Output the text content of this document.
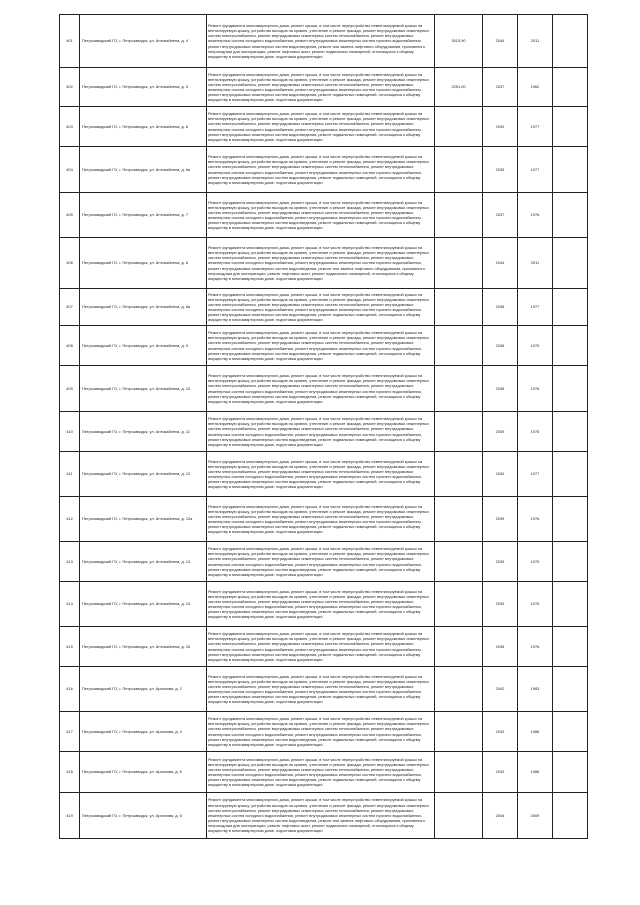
401	Петрозаводский ГО, г. Петрозаводск, ул. Антикайнена, д. 4	Ремонт фундамента многоквартирного дома, ремонт крыши, в том числе переустройство невентилируемой крыши на вентилируемую крышу, устройство выходов на кровлю, утепление и ремонт фасада, ремонт внутридомовых инженерных систем электроснабжения, ремонт внутридомовых инженерных систем теплоснабжения, ремонт внутридомовых инженерных систем холодного водоснабжения, ремонт внутридомовых инженерных систем горячего водоснабжения, ремонт внутридомовых инженерных систем водоотведения, ремонт или замена лифтового оборудования, признанного непригодным для эксплуатации, ремонт лифтовых шахт, ремонт подвальных помещений, относящихся к общему имуществу в многоквартирном доме, подготовка документации	3015,90	2044	2011	
402	Петрозаводский ГО, г. Петрозаводск, ул. Антикайнена, д. 5	Ремонт фундамента многоквартирного дома, ремонт крыши, в том числе переустройство невентилируемой крыши на вентилируемую крышу, устройство выходов на кровлю, утепление и ремонт фасада, ремонт внутридомовых инженерных систем электроснабжения, ремонт внутридомовых инженерных систем теплоснабжения, ремонт внутридомовых инженерных систем холодного водоснабжения, ремонт внутридомовых инженерных систем горячего водоснабжения, ремонт внутридомовых инженерных систем водоотведения, ремонт подвальных помещений, относящихся к общему имуществу в многоквартирном доме, подготовка документации	2251,00	2037	1962	
403	Петрозаводский ГО, г. Петрозаводск, ул. Антикайнена, д. 6	Ремонт фундамента многоквартирного дома, ремонт крыши, в том числе переустройство невентилируемой крыши на вентилируемую крышу, устройство выходов на кровлю, утепление и ремонт фасада, ремонт внутридомовых инженерных систем электроснабжения, ремонт внутридомовых инженерных систем теплоснабжения, ремонт внутридомовых инженерных систем холодного водоснабжения, ремонт внутридомовых инженерных систем горячего водоснабжения, ремонт внутридомовых инженерных систем водоотведения, ремонт подвальных помещений, относящихся к общему имуществу в многоквартирном доме, подготовка документации		2040	1977	
404	Петрозаводский ГО, г. Петрозаводск, ул. Антикайнена, д. 6а	Ремонт фундамента многоквартирного дома, ремонт крыши, в том числе переустройство невентилируемой крыши на вентилируемую крышу, устройство выходов на кровлю, утепление и ремонт фасада, ремонт внутридомовых инженерных систем электроснабжения, ремонт внутридомовых инженерных систем теплоснабжения, ремонт внутридомовых инженерных систем холодного водоснабжения, ремонт внутридомовых инженерных систем горячего водоснабжения, ремонт внутридомовых инженерных систем водоотведения, ремонт подвальных помещений, относящихся к общему имуществу в многоквартирном доме, подготовка документации		2035	1977	
405	Петрозаводский ГО, г. Петрозаводск, ул. Антикайнена, д. 7	Ремонт фундамента многоквартирного дома, ремонт крыши, в том числе переустройство невентилируемой крыши на вентилируемую крышу, устройство выходов на кровлю, утепление и ремонт фасада, ремонт внутридомовых инженерных систем электроснабжения, ремонт внутридомовых инженерных систем теплоснабжения, ремонт внутридомовых инженерных систем холодного водоснабжения, ремонт внутридомовых инженерных систем горячего водоснабжения, ремонт внутридомовых инженерных систем водоотведения, ремонт подвальных помещений, относящихся к общему имуществу в многоквартирном доме, подготовка документации		2037	1976	
406	Петрозаводский ГО, г. Петрозаводск, ул. Антикайнена, д. 8	Ремонт фундамента многоквартирного дома, ремонт крыши, в том числе переустройство невентилируемой крыши на вентилируемую крышу, устройство выходов на кровлю, утепление и ремонт фасада, ремонт внутридомовых инженерных систем электроснабжения, ремонт внутридомовых инженерных систем теплоснабжения, ремонт внутридомовых инженерных систем холодного водоснабжения, ремонт внутридомовых инженерных систем горячего водоснабжения, ремонт внутридомовых инженерных систем водоотведения, ремонт или замена лифтового оборудования, признанного непригодным для эксплуатации, ремонт лифтовых шахт, ремонт подвальных помещений, относящихся к общему имуществу в многоквартирном доме, подготовка документации		2044	2011	
407	Петрозаводский ГО, г. Петрозаводск, ул. Антикайнена, д. 8а	Ремонт фундамента многоквартирного дома, ремонт крыши, в том числе переустройство невентилируемой крыши на вентилируемую крышу, устройство выходов на кровлю, утепление и ремонт фасада, ремонт внутридомовых инженерных систем электроснабжения, ремонт внутридомовых инженерных систем теплоснабжения, ремонт внутридомовых инженерных систем холодного водоснабжения, ремонт внутридомовых инженерных систем горячего водоснабжения, ремонт внутридомовых инженерных систем водоотведения, ремонт подвальных помещений, относящихся к общему имуществу в многоквартирном доме, подготовка документации		2038	1977	
408	Петрозаводский ГО, г. Петрозаводск, ул. Антикайнена, д. 9	Ремонт фундамента многоквартирного дома, ремонт крыши, в том числе переустройство невентилируемой крыши на вентилируемую крышу, устройство выходов на кровлю, утепление и ремонт фасада, ремонт внутридомовых инженерных систем электроснабжения, ремонт внутридомовых инженерных систем теплоснабжения, ремонт внутридомовых инженерных систем холодного водоснабжения, ремонт внутридомовых инженерных систем горячего водоснабжения, ремонт внутридомовых инженерных систем водоотведения, ремонт подвальных помещений, относящихся к общему имуществу в многоквартирном доме, подготовка документации		2036	1975	
409	Петрозаводский ГО, г. Петрозаводск, ул. Антикайнена, д. 10	Ремонт фундамента многоквартирного дома, ремонт крыши, в том числе переустройство невентилируемой крыши на вентилируемую крышу, устройство выходов на кровлю, утепление и ремонт фасада, ремонт внутридомовых инженерных систем электроснабжения, ремонт внутридомовых инженерных систем теплоснабжения, ремонт внутридомовых инженерных систем холодного водоснабжения, ремонт внутридомовых инженерных систем горячего водоснабжения, ремонт внутридомовых инженерных систем водоотведения, ремонт подвальных помещений, относящихся к общему имуществу в многоквартирном доме, подготовка документации		2038	1976	
410	Петрозаводский ГО, г. Петрозаводск, ул. Антикайнена, д. 11	Ремонт фундамента многоквартирного дома, ремонт крыши, в том числе переустройство невентилируемой крыши на вентилируемую крышу, устройство выходов на кровлю, утепление и ремонт фасада, ремонт внутридомовых инженерных систем электроснабжения, ремонт внутридомовых инженерных систем теплоснабжения, ремонт внутридомовых инженерных систем холодного водоснабжения, ремонт внутридомовых инженерных систем горячего водоснабжения, ремонт внутридомовых инженерных систем водоотведения, ремонт подвальных помещений, относящихся к общему имуществу в многоквартирном доме, подготовка документации		2039	1975	
411	Петрозаводский ГО, г. Петрозаводск, ул. Антикайнена, д. 12	Ремонт фундамента многоквартирного дома, ремонт крыши, в том числе переустройство невентилируемой крыши на вентилируемую крышу, устройство выходов на кровлю, утепление и ремонт фасада, ремонт внутридомовых инженерных систем электроснабжения, ремонт внутридомовых инженерных систем теплоснабжения, ремонт внутридомовых инженерных систем холодного водоснабжения, ремонт внутридомовых инженерных систем горячего водоснабжения, ремонт внутридомовых инженерных систем водоотведения, ремонт подвальных помещений, относящихся к общему имуществу в многоквартирном доме, подготовка документации		2040	1977	
412	Петрозаводский ГО, г. Петрозаводск, ул. Антикайнена, д. 12а	Ремонт фундамента многоквартирного дома, ремонт крыши, в том числе переустройство невентилируемой крыши на вентилируемую крышу, устройство выходов на кровлю, утепление и ремонт фасада, ремонт внутридомовых инженерных систем электроснабжения, ремонт внутридомовых инженерных систем теплоснабжения, ремонт внутридомовых инженерных систем холодного водоснабжения, ремонт внутридомовых инженерных систем горячего водоснабжения, ремонт внутридомовых инженерных систем водоотведения, ремонт подвальных помещений, относящихся к общему имуществу в многоквартирном доме, подготовка документации		2039	1976	
413	Петрозаводский ГО, г. Петрозаводск, ул. Антикайнена, д. 13	Ремонт фундамента многоквартирного дома, ремонт крыши, в том числе переустройство невентилируемой крыши на вентилируемую крышу, устройство выходов на кровлю, утепление и ремонт фасада, ремонт внутридомовых инженерных систем электроснабжения, ремонт внутридомовых инженерных систем теплоснабжения, ремонт внутридомовых инженерных систем холодного водоснабжения, ремонт внутридомовых инженерных систем горячего водоснабжения, ремонт внутридомовых инженерных систем водоотведения, ремонт подвальных помещений, относящихся к общему имуществу в многоквартирном доме, подготовка документации		2039	1975	
414	Петрозаводский ГО, г. Петрозаводск, ул. Антикайнена, д. 14	Ремонт фундамента многоквартирного дома, ремонт крыши, в том числе переустройство невентилируемой крыши на вентилируемую крышу, устройство выходов на кровлю, утепление и ремонт фасада, ремонт внутридомовых инженерных систем электроснабжения, ремонт внутридомовых инженерных систем теплоснабжения, ремонт внутридомовых инженерных систем холодного водоснабжения, ремонт внутридомовых инженерных систем горячего водоснабжения, ремонт внутридомовых инженерных систем водоотведения, ремонт подвальных помещений, относящихся к общему имуществу в многоквартирном доме, подготовка документации		2039	1976	
415	Петрозаводский ГО, г. Петрозаводск, ул. Антикайнена, д. 15	Ремонт фундамента многоквартирного дома, ремонт крыши, в том числе переустройство невентилируемой крыши на вентилируемую крышу, устройство выходов на кровлю, утепление и ремонт фасада, ремонт внутридомовых инженерных систем электроснабжения, ремонт внутридомовых инженерных систем теплоснабжения, ремонт внутридомовых инженерных систем холодного водоснабжения, ремонт внутридомовых инженерных систем горячего водоснабжения, ремонт внутридомовых инженерных систем водоотведения, ремонт подвальных помещений, относящихся к общему имуществу в многоквартирном доме, подготовка документации		2036	1976	
416	Петрозаводский ГО, г. Петрозаводск, ул. Архипова, д. 2	Ремонт фундамента многоквартирного дома, ремонт крыши, в том числе переустройство невентилируемой крыши на вентилируемую крышу, устройство выходов на кровлю, утепление и ремонт фасада, ремонт внутридомовых инженерных систем электроснабжения, ремонт внутридомовых инженерных систем теплоснабжения, ремонт внутридомовых инженерных систем холодного водоснабжения, ремонт внутридомовых инженерных систем горячего водоснабжения, ремонт внутридомовых инженерных систем водоотведения, ремонт подвальных помещений, относящихся к общему имуществу в многоквартирном доме, подготовка документации		2042	1983	
417	Петрозаводский ГО, г. Петрозаводск, ул. Архипова, д. 4	Ремонт фундамента многоквартирного дома, ремонт крыши, в том числе переустройство невентилируемой крыши на вентилируемую крышу, устройство выходов на кровлю, утепление и ремонт фасада, ремонт внутридомовых инженерных систем электроснабжения, ремонт внутридомовых инженерных систем теплоснабжения, ремонт внутридомовых инженерных систем холодного водоснабжения, ремонт внутридомовых инженерных систем горячего водоснабжения, ремонт внутридомовых инженерных систем водоотведения, ремонт подвальных помещений, относящихся к общему имуществу в многоквартирном доме, подготовка документации		2043	1986	
418	Петрозаводский ГО, г. Петрозаводск, ул. Архипова, д. 6	Ремонт фундамента многоквартирного дома, ремонт крыши, в том числе переустройство невентилируемой крыши на вентилируемую крышу, устройство выходов на кровлю, утепление и ремонт фасада, ремонт внутридомовых инженерных систем электроснабжения, ремонт внутридомовых инженерных систем теплоснабжения, ремонт внутридомовых инженерных систем холодного водоснабжения, ремонт внутридомовых инженерных систем горячего водоснабжения, ремонт внутридомовых инженерных систем водоотведения, ремонт подвальных помещений, относящихся к общему имуществу в многоквартирном доме, подготовка документации		2043	1986	
419	Петрозаводский ГО, г. Петрозаводск, ул. Архипова, д. 8	Ремонт фундамента многоквартирного дома, ремонт крыши, в том числе переустройство невентилируемой крыши на вентилируемую крышу, устройство выходов на кровлю, утепление и ремонт фасада, ремонт внутридомовых инженерных систем электроснабжения, ремонт внутридомовых инженерных систем теплоснабжения, ремонт внутридомовых инженерных систем холодного водоснабжения, ремонт внутридомовых инженерных систем горячего водоснабжения, ремонт внутридомовых инженерных систем водоотведения, ремонт или замена лифтового оборудования, признанного непригодным для эксплуатации, ремонт лифтовых шахт, ремонт подвальных помещений, относящихся к общему имуществу в многоквартирном доме, подготовка документации		2044	2009	
